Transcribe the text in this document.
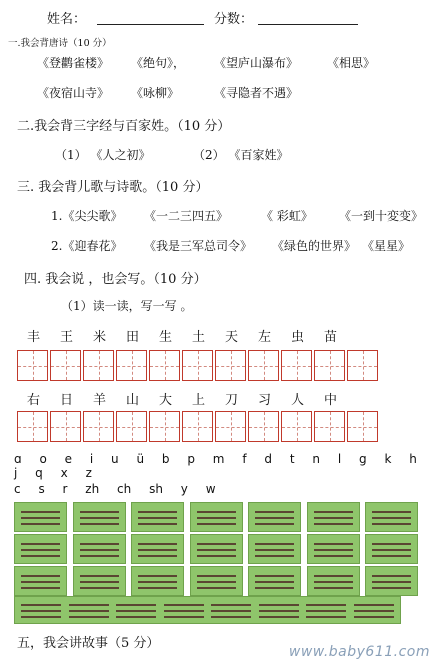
姓名：	分数：
一.我会背唐诗（10 分）
《登鹳雀楼》 《绝句》， 《望庐山瀑布》 《相思》
《夜宿山寺》 《咏柳》	《寻隐者不遇》
二.我会背三字经与百家姓。（10 分）
（1） 《人之初》	（2） 《百家姓》
三. 我会背儿歌与诗歌。（10 分）
1.《尖尖歌》 《一二三四五》	《 彩虹》 《一到十変变》
2.《迎春花》 《我是三军总司令》 《绿色的世界》 《星星》
四. 我会说 ，也会写。（10 分）
（1）读一读，写一写 。
丰	王	米	田	生	土	天	左	虫	苗
右	日	羊	山	大	上	刀	习	人	中
ɑ o e i u ü b p m f d t n l g k h j q x z
c s r zh ch sh y w
五，我会讲故事（5 分）
www.baby611.com
